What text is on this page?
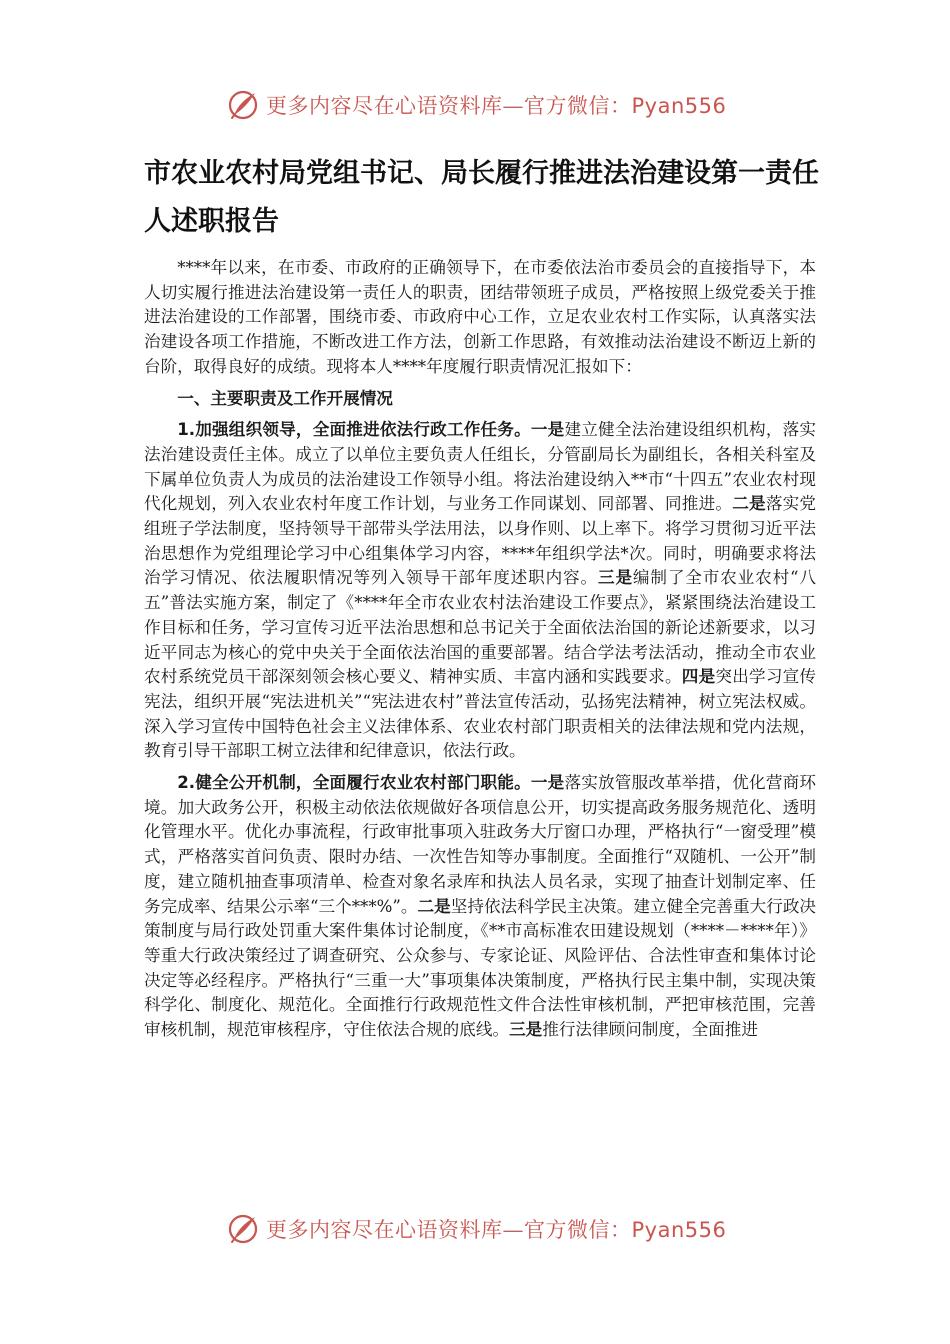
更多内容尽在心语资料库—官方微信：Pyan556
市农业农村局党组书记、局长履行推进法治建设第一责任人述职报告

****年以来，在市委、市政府的正确领导下，在市委依法治市委员会的直接指导下，本人切实履行推进法治建设第一责任人的职责，团结带领班子成员，严格按照上级党委关于推进法治建设的工作部署，围绕市委、市政府中心工作，立足农业农村工作实际，认真落实法治建设各项工作措施，不断改进工作方法，创新工作思路，有效推动法治建设不断迈上新的台阶，取得良好的成绩。现将本人****年度履行职责情况汇报如下：

一、主要职责及工作开展情况

1.加强组织领导，全面推进依法行政工作任务。一是建立健全法治建设组织机构，落实法治建设责任主体。成立了以单位主要负责人任组长，分管副局长为副组长，各相关科室及下属单位负责人为成员的法治建设工作领导小组。将法治建设纳入**市“十四五”农业农村现代化规划，列入农业农村年度工作计划，与业务工作同谋划、同部署、同推进。二是落实党组班子学法制度，坚持领导干部带头学法用法，以身作则、以上率下。将学习贯彻习近平法治思想作为党组理论学习中心组集体学习内容，****年组织学法*次。同时，明确要求将法治学习情况、依法履职情况等列入领导干部年度述职内容。三是编制了全市农业农村“八五”普法实施方案，制定了《****年全市农业农村法治建设工作要点》，紧紧围绕法治建设工作目标和任务，学习宣传习近平法治思想和总书记关于全面依法治国的新论述新要求，以习近平同志为核心的党中央关于全面依法治国的重要部署。结合学法考法活动，推动全市农业农村系统党员干部深刻领会核心要义、精神实质、丰富内涵和实践要求。四是突出学习宣传宪法，组织开展“宪法进机关”“宪法进农村”普法宣传活动，弘扬宪法精神，树立宪法权威。深入学习宣传中国特色社会主义法律体系、农业农村部门职责相关的法律法规和党内法规，教育引导干部职工树立法律和纪律意识，依法行政。

2.健全公开机制，全面履行农业农村部门职能。一是落实放管服改革举措，优化营商环境。加大政务公开，积极主动依法依规做好各项信息公开，切实提高政务服务规范化、透明化管理水平。优化办事流程，行政审批事项入驻政务大厅窗口办理，严格执行“一窗受理”模式，严格落实首问负责、限时办结、一次性告知等办事制度。全面推行“双随机、一公开”制度，建立随机抽查事项清单、检查对象名录库和执法人员名录，实现了抽查计划制定率、任务完成率、结果公示率“三个***%”。二是坚持依法科学民主决策。建立健全完善重大行政决策制度与局行政处罚重大案件集体讨论制度，《**市高标准农田建设规划（****－****年）》等重大行政决策经过了调查研究、公众参与、专家论证、风险评估、合法性审查和集体讨论决定等必经程序。严格执行“三重一大”事项集体决策制度，严格执行民主集中制，实现决策科学化、制度化、规范化。全面推行行政规范性文件合法性审核机制，严把审核范围，完善审核机制，规范审核程序，守住依法合规的底线。三是推行法律顾问制度，全面推进

更多内容尽在心语资料库—官方微信：Pyan556
